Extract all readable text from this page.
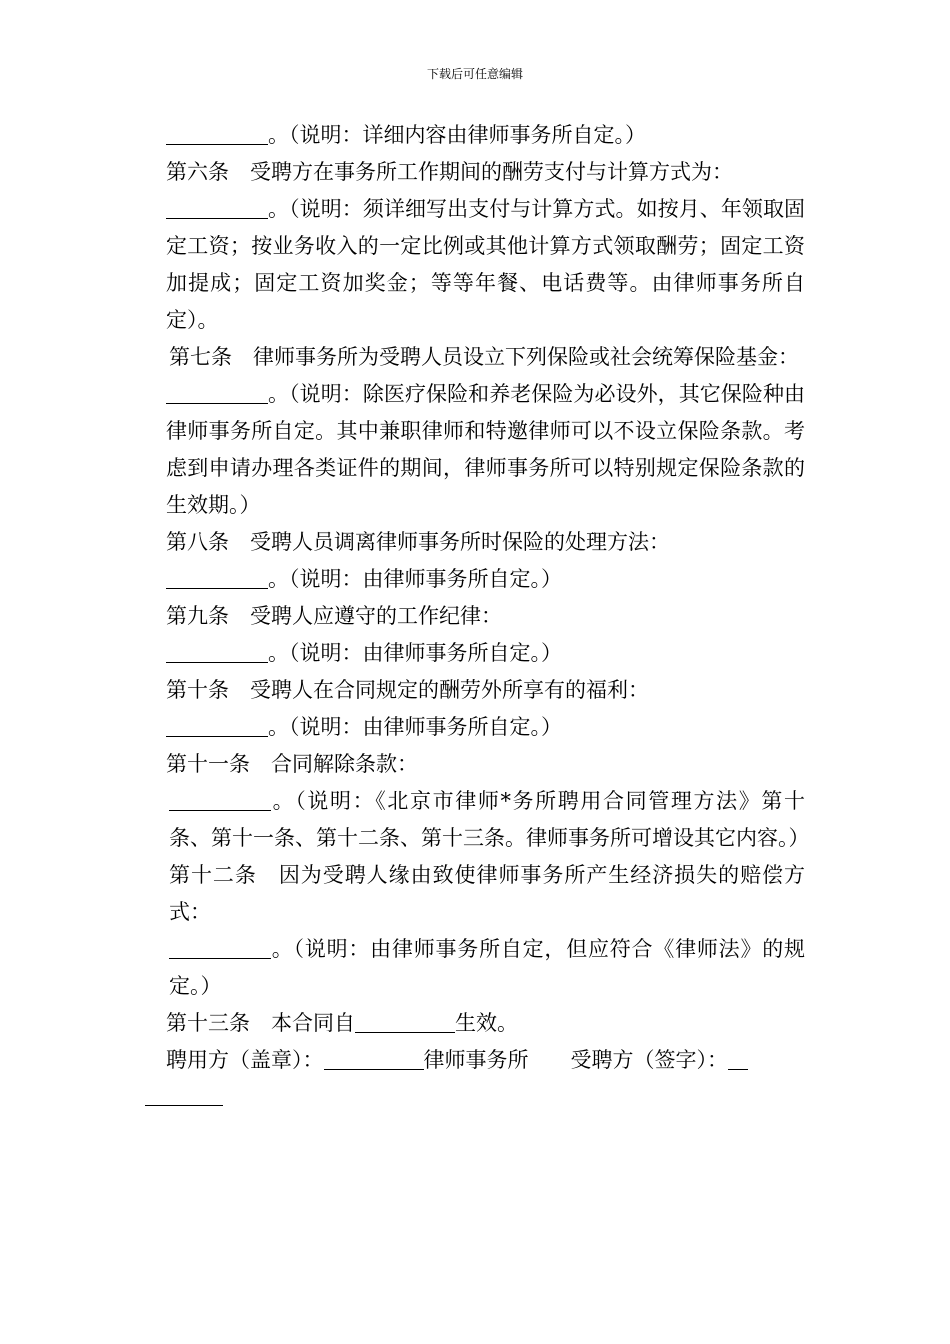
下载后可任意编辑

。（说明：详细内容由律师事务所自定。）

第六条　受聘方在事务所工作期间的酬劳支付与计算方式为：

。（说明：须详细写出支付与计算方式。如按月、年领取固定工资；按业务收入的一定比例或其他计算方式领取酬劳；固定工资加提成；固定工资加奖金；等等年餐、电话费等。由律师事务所自定）。

第七条　律师事务所为受聘人员设立下列保险或社会统筹保险基金：

。（说明：除医疗保险和养老保险为必设外，其它保险种由律师事务所自定。其中兼职律师和特邀律师可以不设立保险条款。考虑到申请办理各类证件的期间，律师事务所可以特别规定保险条款的生效期。）

第八条　受聘人员调离律师事务所时保险的处理方法：

。（说明：由律师事务所自定。）

第九条　受聘人应遵守的工作纪律：

。（说明：由律师事务所自定。）

第十条　受聘人在合同规定的酬劳外所享有的福利：

。（说明：由律师事务所自定。）

第十一条　合同解除条款：

。（说明：《北京市律师*务所聘用合同管理方法》第十条、第十一条、第十二条、第十三条。律师事务所可增设其它内容。）

第十二条　因为受聘人缘由致使律师事务所产生经济损失的赔偿方式：

。（说明：由律师事务所自定，但应符合《律师法》的规定。）

第十三条　本合同自	生效。

聘用方（盖章）：	律师事务所 受聘方（签字）：
